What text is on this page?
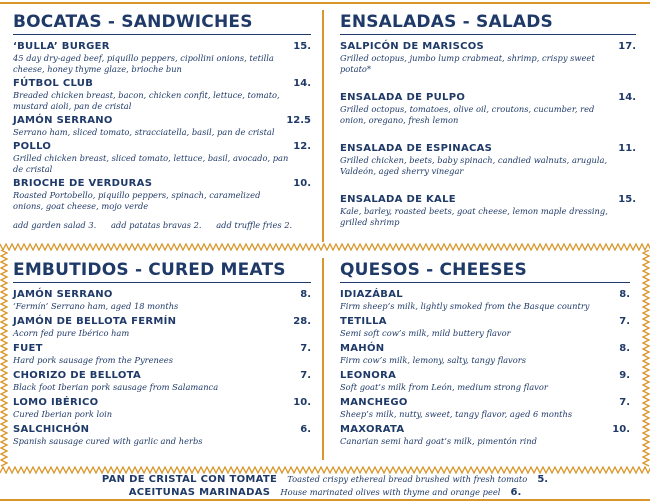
BOCATAS - SANDWICHES
‘BULLA’ BURGER	15.
45 day dry-aged beef, piquillo peppers, cipollini onions, tetilla cheese, honey thyme glaze, brioche bun
FÚTBOL CLUB	14.
Breaded chicken breast, bacon, chicken confit, lettuce, tomato, mustard aioli, pan de cristal
JAMÓN SERRANO	12.5
Serrano ham, sliced tomato, stracciatella, basil, pan de cristal
POLLO	12.
Grilled chicken breast, sliced tomato, lettuce, basil, avocado, pan de cristal
BRIOCHE DE VERDURAS	10.
Roasted Portobello, piquillo peppers, spinach, caramelized onions, goat cheese, mojo verde
add garden salad 3. add patatas bravas 2. add truffle fries 2.
ENSALADAS - SALADS
SALPICÓN DE MARISCOS	17.
Grilled octopus, jumbo lump crabmeat, shrimp, crispy sweet potato*
ENSALADA DE PULPO	14.
Grilled octopus, tomatoes, olive oil, croutons, cucumber, red onion, oregano, fresh lemon
ENSALADA DE ESPINACAS	11.
Grilled chicken, beets, baby spinach, candied walnuts, arugula, Valdeón, aged sherry vinegar
ENSALADA DE KALE	15.
Kale, barley, roasted beets, goat cheese, lemon maple dressing, grilled shrimp
EMBUTIDOS - CURED MEATS
JAMÓN SERRANO	8.
‘Fermín’ Serrano ham, aged 18 months
JAMÓN DE BELLOTA FERMÍN	28.
Acorn fed pure Ibérico ham
FUET	7.
Hard pork sausage from the Pyrenees
CHORIZO DE BELLOTA	7.
Black foot Iberian pork sausage from Salamanca
LOMO IBÉRICO	10.
Cured Iberian pork loin
SALCHICHÓN	6.
Spanish sausage cured with garlic and herbs
QUESOS - CHEESES
IDIAZÁBAL	8.
Firm sheep’s milk, lightly smoked from the Basque country
TETILLA	7.
Semi soft cow’s milk, mild buttery flavor
MAHÓN	8.
Firm cow’s milk, lemony, salty, tangy flavors
LEONORA	9.
Soft goat’s milk from León, medium strong flavor
MANCHEGO	7.
Sheep’s milk, nutty, sweet, tangy flavor, aged 6 months
MAXORATA	10.
Canarian semi hard goat’s milk, pimentón rind
PAN DE CRISTAL CON TOMATE Toasted crispy ethereal bread brushed with fresh tomato 5.
ACEITUNAS MARINADAS House marinated olives with thyme and orange peel 6.
